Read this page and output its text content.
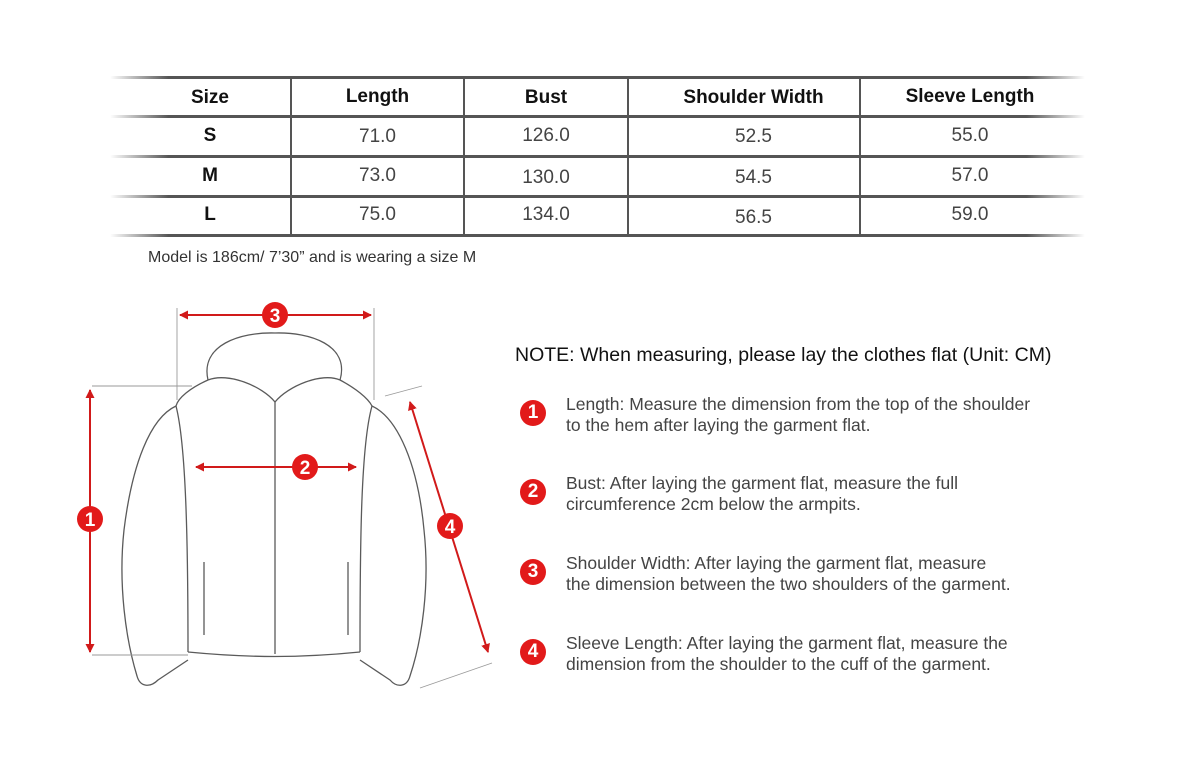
Size	Length	Bust	Shoulder Width	Sleeve Length
S	71.0	126.0	52.5	55.0
M	73.0	130.0	54.5	57.0
L	75.0	134.0	56.5	59.0
Model is 186cm/ 7’30” and is wearing a size M
1
2
3
4
NOTE: When measuring, please lay the clothes flat (Unit: CM)
1	Length: Measure the dimension from the top of the shoulder
to the hem after laying the garment flat.
2	Bust: After laying the garment flat, measure the full
circumference 2cm below the armpits.
3	Shoulder Width: After laying the garment flat, measure
the dimension between the two shoulders of the garment.
4	Sleeve Length: After laying the garment flat, measure the
dimension from the shoulder to the cuff of the garment.
